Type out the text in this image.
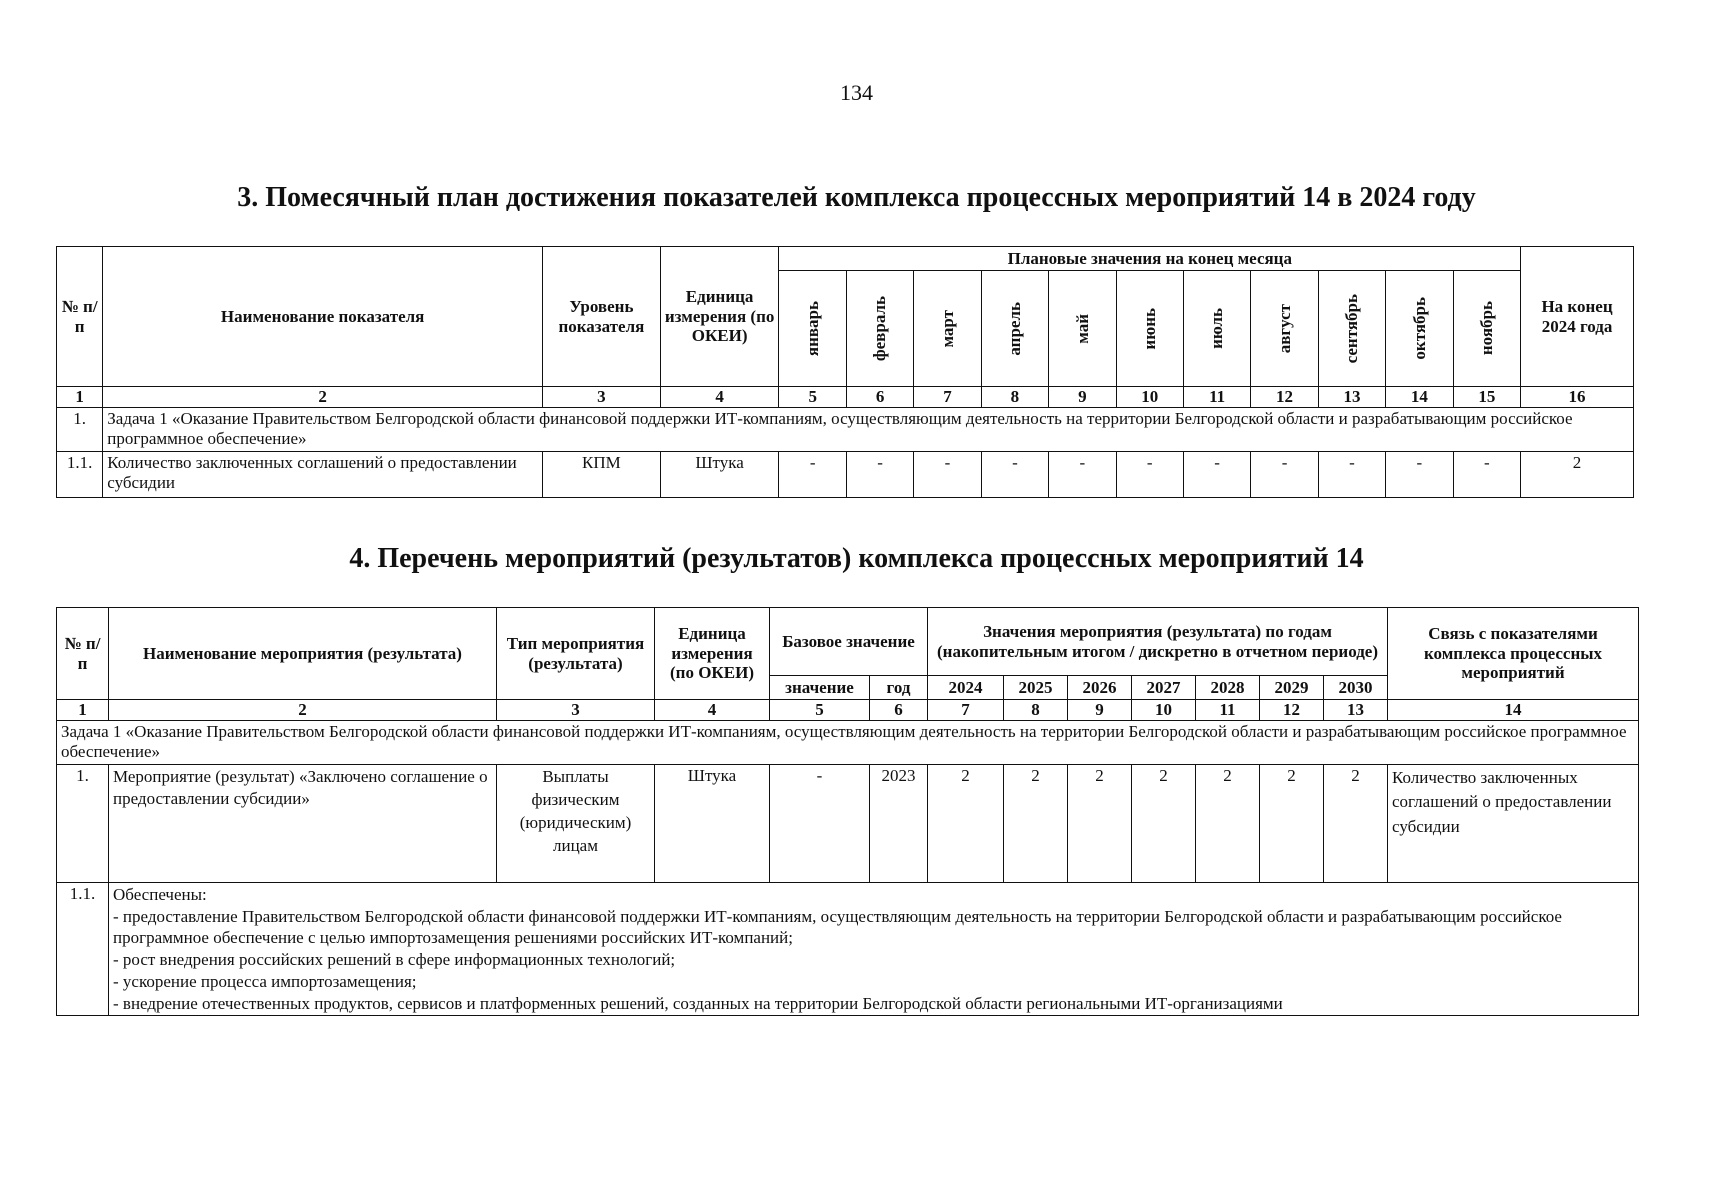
134
3. Помесячный план достижения показателей комплекса процессных мероприятий 14 в 2024 году
№ п/п	Наименование показателя	Уровень показателя	Единица измерения (по ОКЕИ)	Плановые значения на конец месяца											На конец 2024 года

				январь	февраль	март	апрель	май	июнь	июль	август	сентябрь	октябрь	ноябрь	

1	2	3	4	5	6	7	8	9	10	11	12	13	14	15	16
1.	Задача 1 «Оказание Правительством Белгородской области финансовой поддержки ИТ-компаниям, осуществляющим деятельность на территории Белгородской области и разрабатывающим российское программное обеспечение»														
1.1.	Количество заключенных соглашений о предоставлении субсидии	КПМ	Штука	-	-	-	-	-	-	-	-	-	-	-	2
4. Перечень мероприятий (результатов) комплекса процессных мероприятий 14
№ п/п	Наименование мероприятия (результата)	Тип мероприятия (результата)	Единица измерения (по ОКЕИ)	Базовое значение		Значения мероприятия (результата) по годам (накопительным итогом / дискретно в отчетном периоде)							Связь с показателями комплекса процессных мероприятий
				значение	год	2024	2025	2026	2027	2028	2029	2030	
1	2	3	4	5	6	7	8	9	10	11	12	13	14
Задача 1 «Оказание Правительством Белгородской области финансовой поддержки ИТ-компаниям, осуществляющим деятельность на территории Белгородской области и разрабатывающим российское программное обеспечение»													
1.	Мероприятие (результат) «Заключено соглашение о предоставлении субсидии»	Выплаты физическим (юридическим) лицам	Штука	-	2023	2	2	2	2	2	2	2	Количество заключенных соглашений о предоставлении субсидии
1.1.	Обеспечены:
- предоставление Правительством Белгородской области финансовой поддержки ИТ-компаниям, осуществляющим деятельность на территории Белгородской области и разрабатывающим российское программное обеспечение с целью импортозамещения решениями российских ИТ-компаний;
- рост внедрения российских решений в сфере информационных технологий;
- ускорение процесса импортозамещения;
- внедрение отечественных продуктов, сервисов и платформенных решений, созданных на территории Белгородской области региональными ИТ-организациями												
